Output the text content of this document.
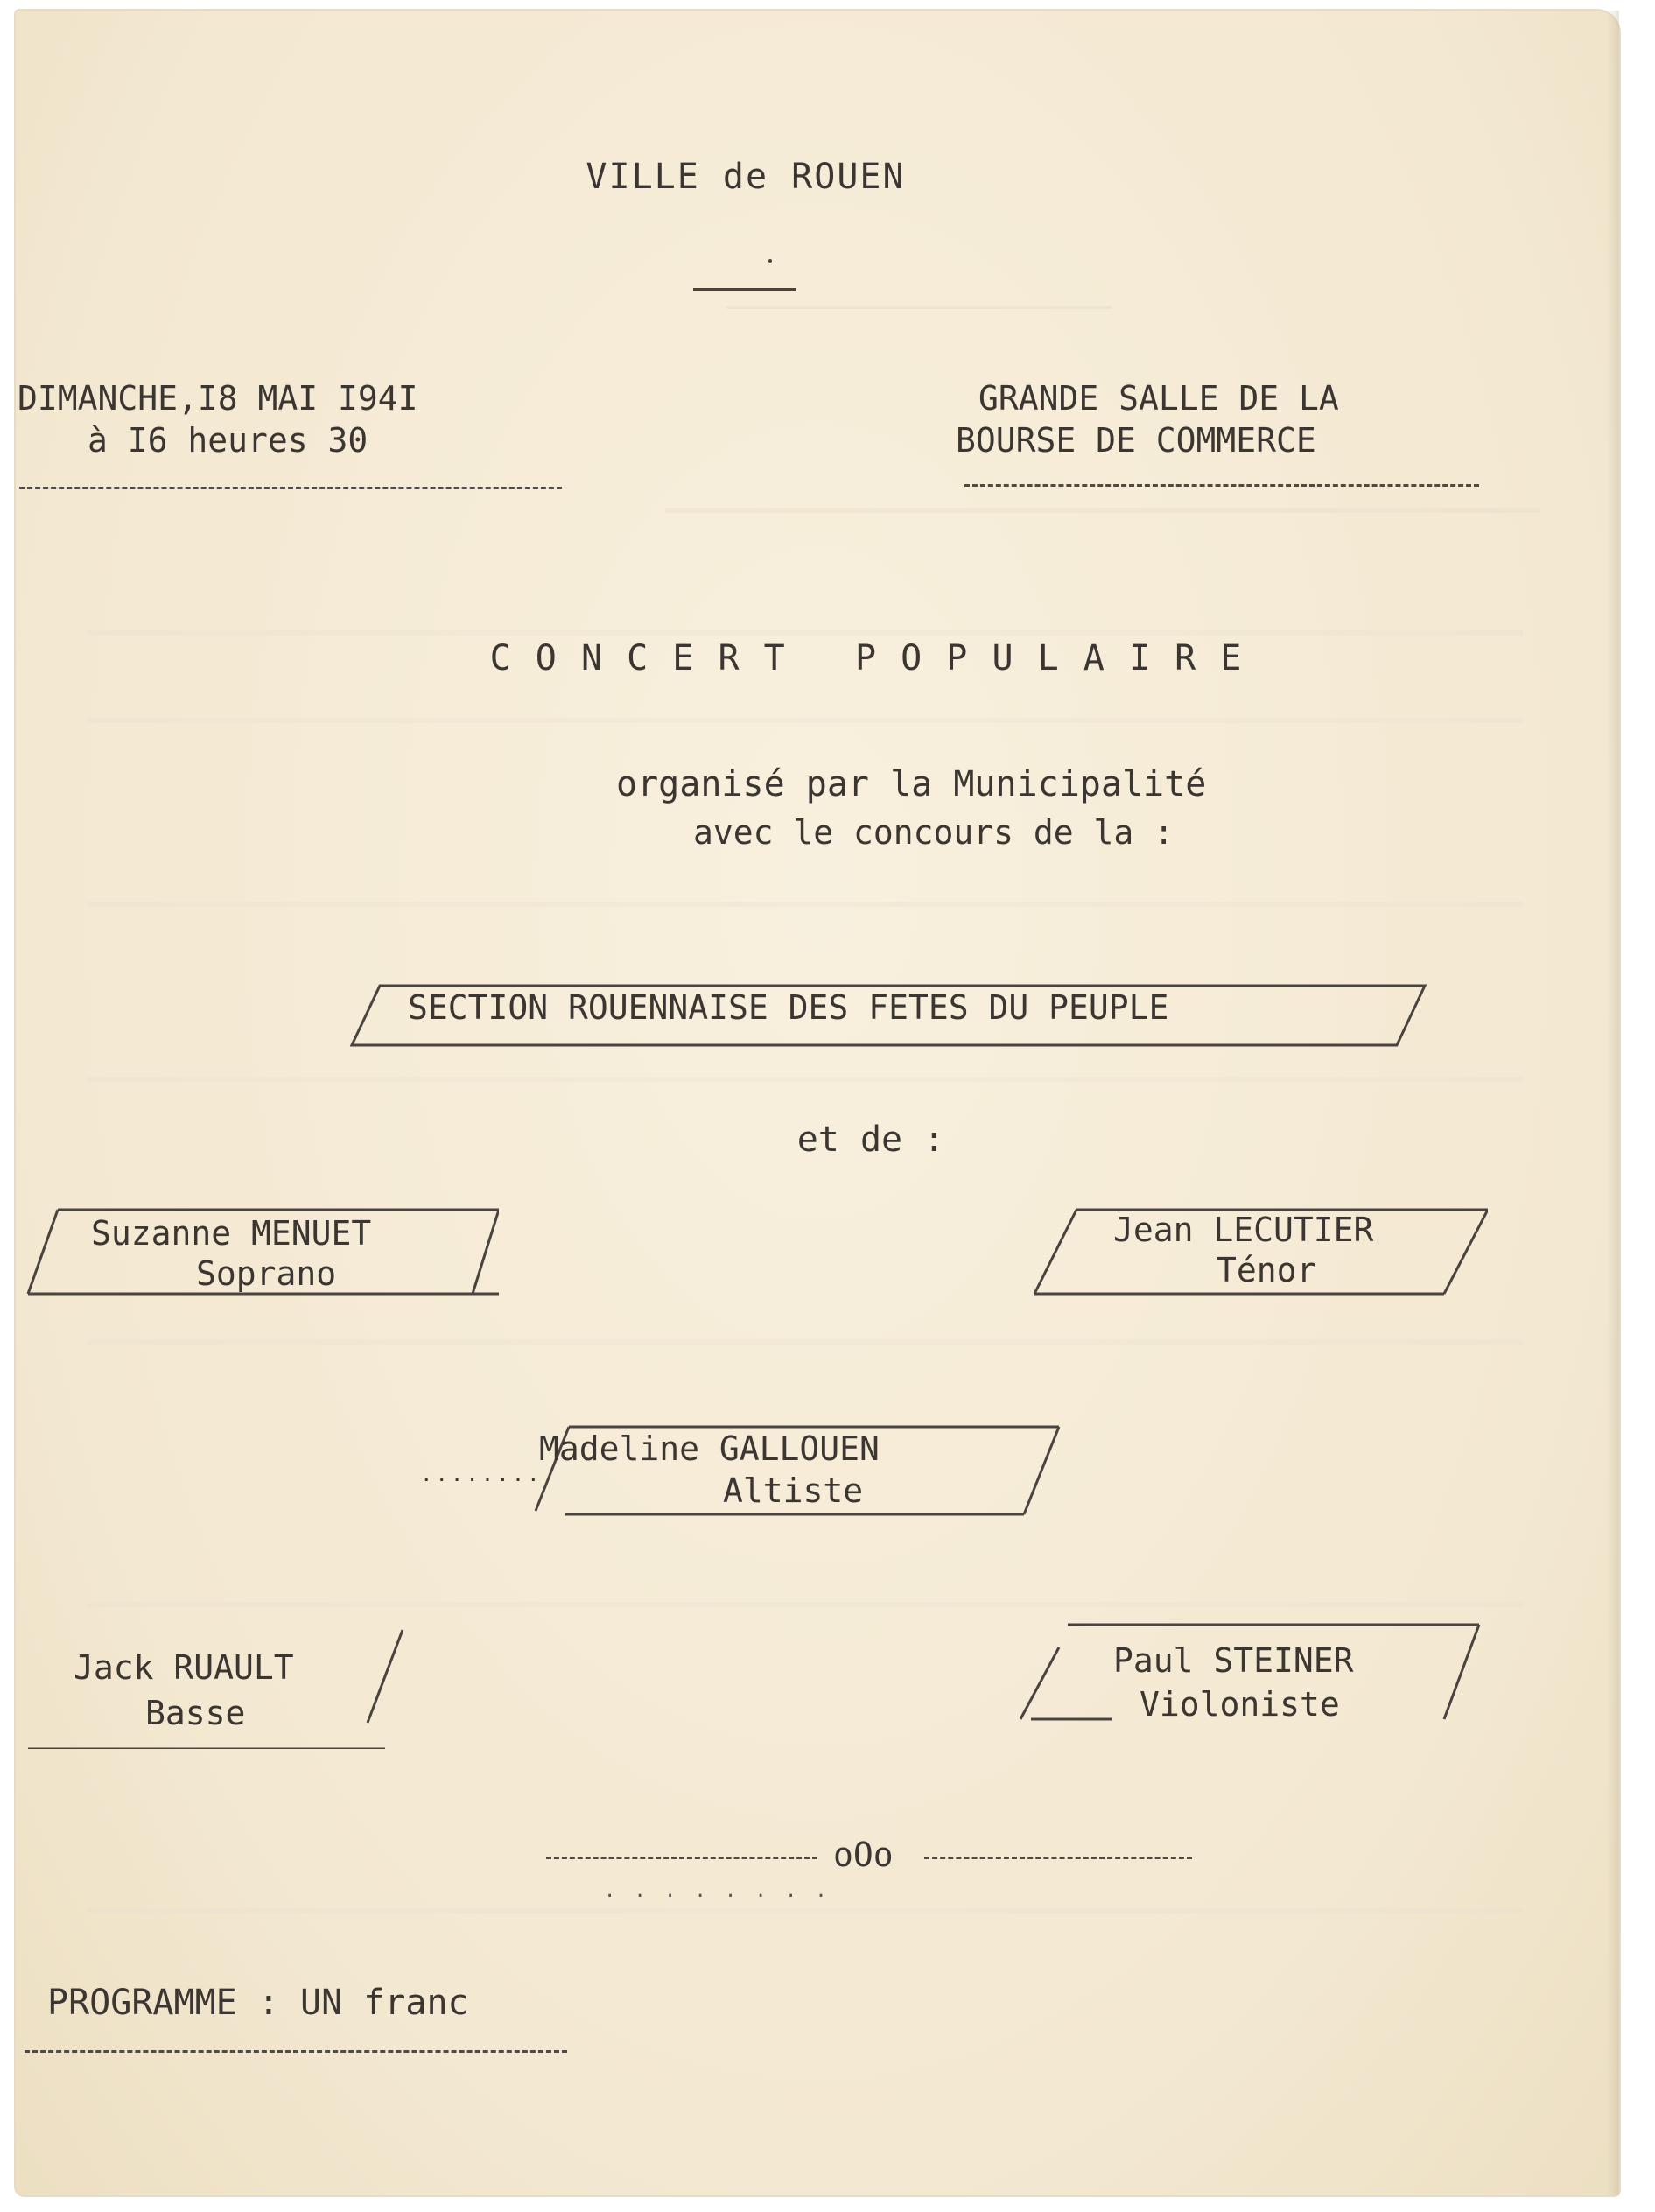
VILLE de ROUEN
DIMANCHE,I8 MAI I94I
à I6 heures 30
GRANDE SALLE DE LA
BOURSE DE COMMERCE
C O N C E R T   P O P U L A I R E
organisé par la Municipalité
avec le concours de la :
SECTION ROUENNAISE DES FETES DU PEUPLE
et de :
Suzanne MENUET
Soprano
Jean LECUTIER
Ténor
Madeline GALLOUEN
Altiste
........
Jack RUAULT
Basse
Paul STEINER
Violoniste
oOo
. . . . . . . .
PROGRAMME : UN franc
